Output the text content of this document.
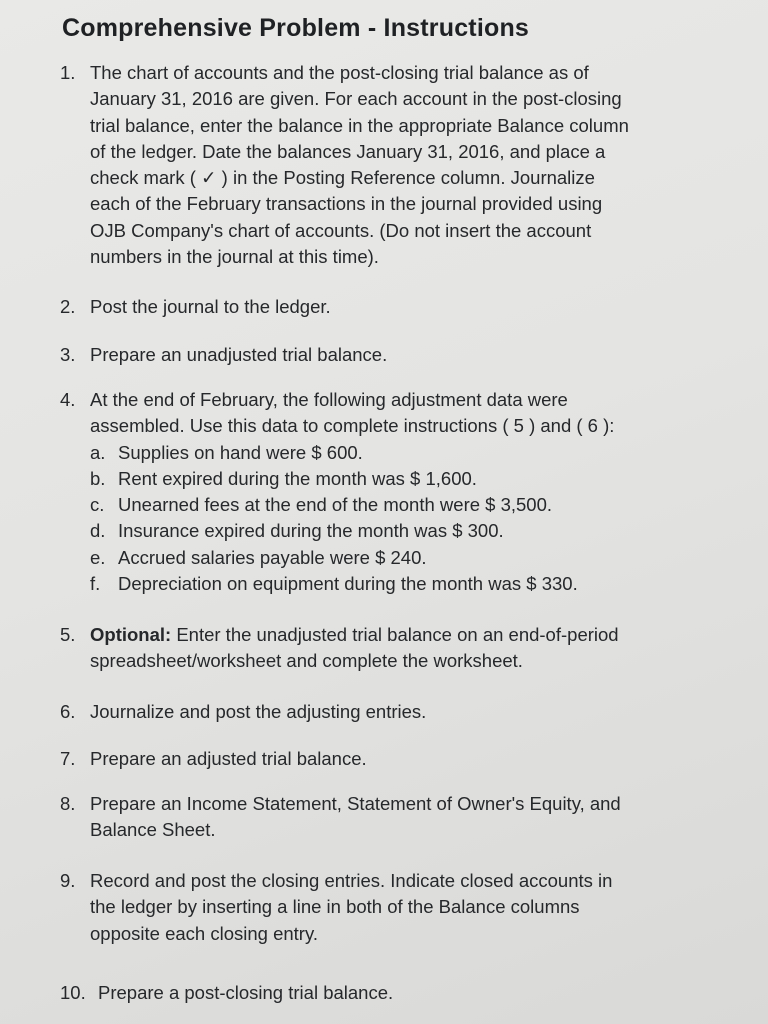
Comprehensive Problem - Instructions
1. The chart of accounts and the post-closing trial balance as of
January 31, 2016 are given. For each account in the post-closing
trial balance, enter the balance in the appropriate Balance column
of the ledger. Date the balances January 31, 2016, and place a
check mark ( ✓ ) in the Posting Reference column. Journalize
each of the February transactions in the journal provided using
OJB Company's chart of accounts. (Do not insert the account
numbers in the journal at this time).
2. Post the journal to the ledger.
3. Prepare an unadjusted trial balance.
4. At the end of February, the following adjustment data were
assembled. Use this data to complete instructions ( 5 ) and ( 6 ):
a. Supplies on hand were $ 600.
b. Rent expired during the month was $ 1,600.
c. Unearned fees at the end of the month were $ 3,500.
d. Insurance expired during the month was $ 300.
e. Accrued salaries payable were $ 240.
f. Depreciation on equipment during the month was $ 330.
5. Optional: Enter the unadjusted trial balance on an end-of-period
spreadsheet/worksheet and complete the worksheet.
6. Journalize and post the adjusting entries.
7. Prepare an adjusted trial balance.
8. Prepare an Income Statement, Statement of Owner's Equity, and
Balance Sheet.
9. Record and post the closing entries. Indicate closed accounts in
the ledger by inserting a line in both of the Balance columns
opposite each closing entry.
10. Prepare a post-closing trial balance.
